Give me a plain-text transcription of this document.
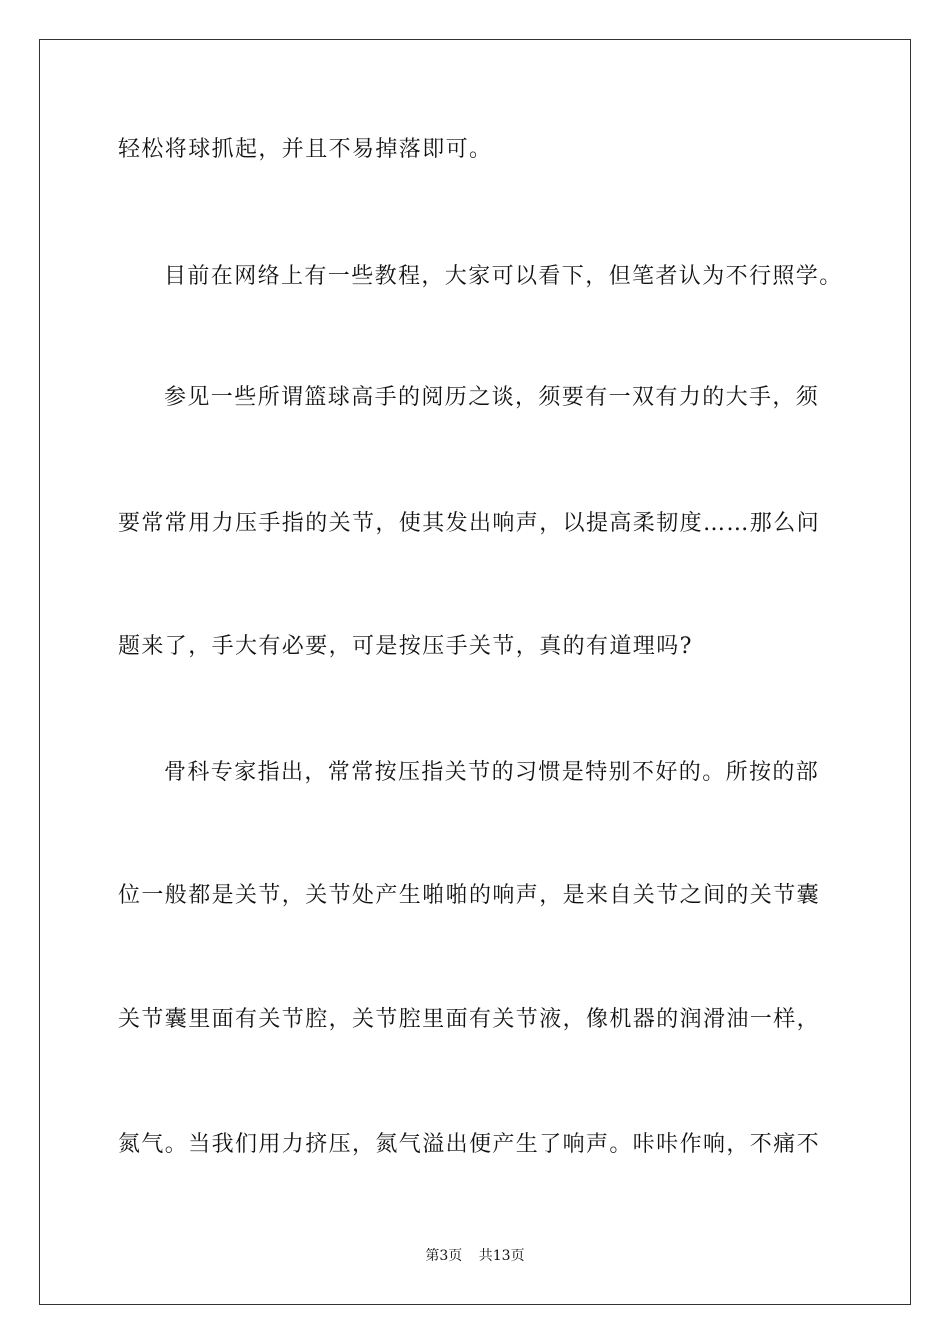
轻松将球抓起，并且不易掉落即可。
目前在网络上有一些教程，大家可以看下，但笔者认为不行照学。
参见一些所谓篮球高手的阅历之谈，须要有一双有力的大手，须
要常常用力压手指的关节，使其发出响声，以提高柔韧度……那么问
题来了，手大有必要，可是按压手关节，真的有道理吗?
骨科专家指出，常常按压指关节的习惯是特别不好的。所按的部
位一般都是关节，关节处产生啪啪的响声，是来自关节之间的关节囊
关节囊里面有关节腔，关节腔里面有关节液，像机器的润滑油一样，
氮气。当我们用力挤压，氮气溢出便产生了响声。咔咔作响，不痛不
第3页 共13页
